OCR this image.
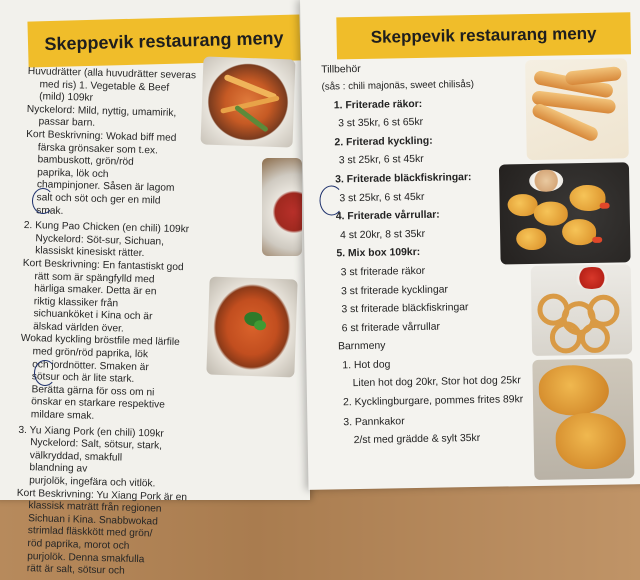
Skeppevik restaurang meny
Huvudrätter (alla huvudrätter severas
med ris) 1. Vegetable & Beef
(mild) 109kr
Nyckelord: Mild, nyttig, umamirik,
passar barn.
Kort Beskrivning: Wokad biff med
färska grönsaker som t.ex.
bambuskott, grön/röd
paprika, lök och
champinjoner. Såsen är lagom
salt och söt och ger en mild
smak.
2. Kung Pao Chicken (en chili) 109kr
Nyckelord: Söt-sur, Sichuan,
klassiskt kinesiskt rätter.
Kort Beskrivning: En fantastiskt god
rätt som är spängfylld med
härliga smaker. Detta är en
riktig klassiker från
sichuanköket i Kina och är
älskad världen över.
Wokad kyckling bröstfile med lärfile
med grön/röd paprika, lök
och jordnötter. Smaken är
sötsur och är lite stark.
Berätta gärna för oss om ni
önskar en starkare respektive
mildare smak.
3. Yu Xiang Pork (en chili) 109kr
Nyckelord: Salt, sötsur, stark,
välkryddad, smakfull
blandning av
purjolök, ingefära och vitlök.
Kort Beskrivning: Yu Xiang Pork är en
klassisk maträtt från regionen
Sichuan i Kina. Snabbwokad
strimlad fläskkött med grön/
röd paprika, morot och
purjolök. Denna smakfulla
rätt är salt, sötsur och
Skeppevik restaurang meny
Tillbehör
(sås : chili majonäs, sweet chilisås)
1. Friterade räkor:
3 st 35kr, 6 st 65kr
2. Friterad kyckling:
3 st 25kr, 6 st 45kr
3. Friterade bläckfiskringar:
3 st 25kr, 6 st 45kr
4. Friterade vårrullar:
4 st 20kr, 8 st 35kr
5. Mix box 109kr:
3 st friterade räkor
3 st friterade kycklingar
3 st friterade bläckfiskringar
6 st friterade vårrullar
Barnmeny
1. Hot dog
Liten hot dog 20kr, Stor hot dog 25kr
2. Kycklingburgare, pommes frites 89kr
3. Pannkakor
2/st med grädde & sylt 35kr
